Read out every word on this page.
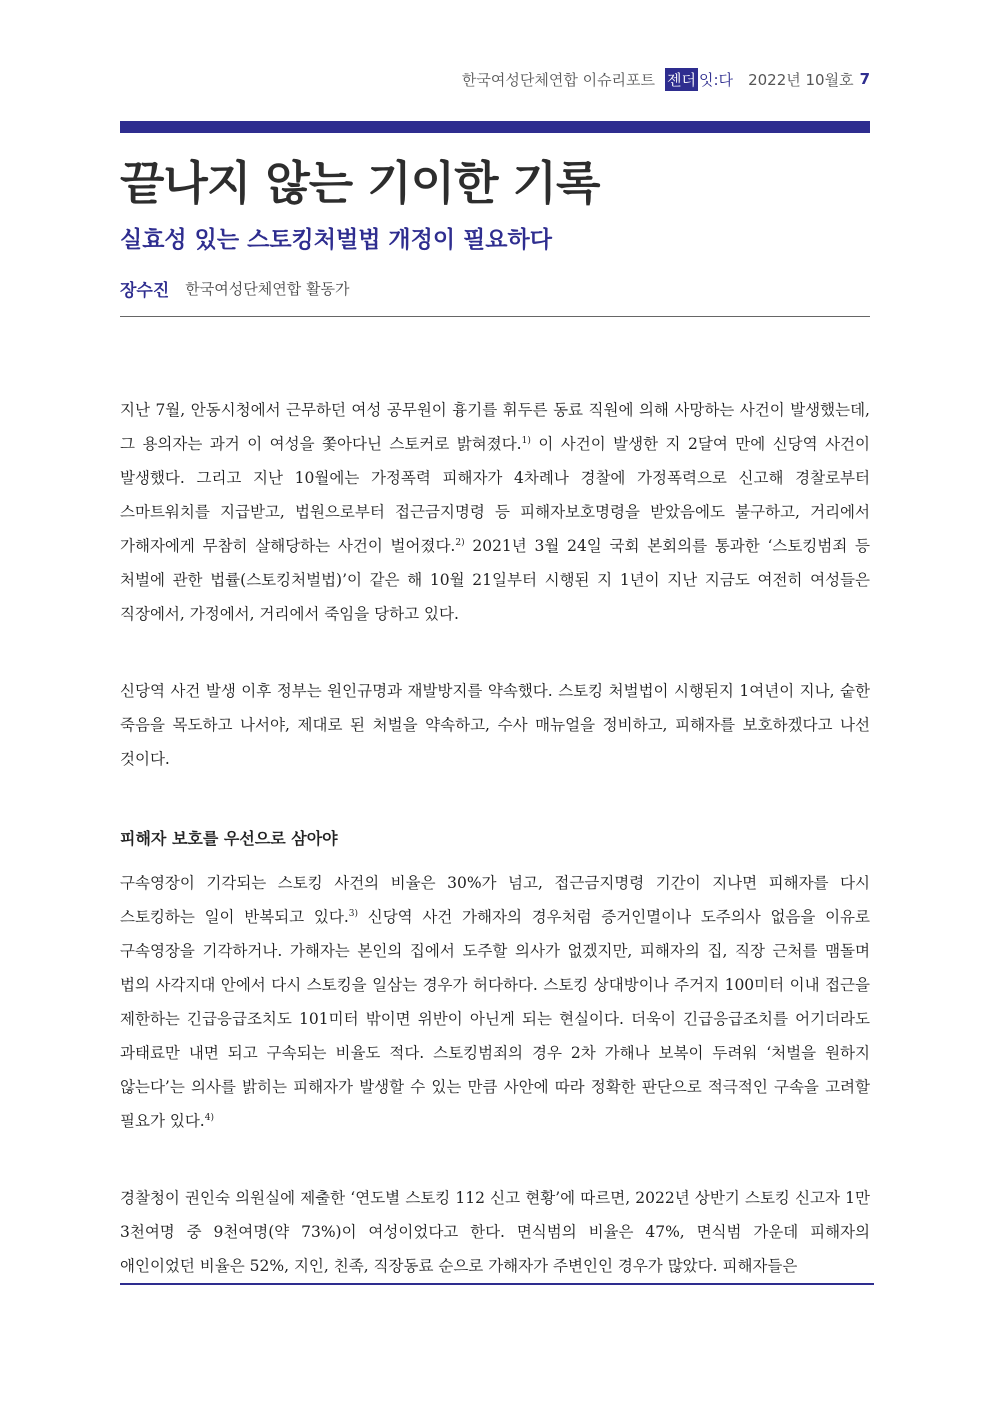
한국여성단체연합 이슈리포트 젠더 잇:다 2022년 10월호 7
끝나지 않는 기이한 기록
실효성 있는 스토킹처벌법 개정이 필요하다
장수진 한국여성단체연합 활동가

지난 7월, 안동시청에서 근무하던 여성 공무원이 흉기를 휘두른 동료 직원에 의해 사망하는 사건이 발생했는데, 그 용의자는 과거 이 여성을 쫓아다닌 스토커로 밝혀졌다.$^{1)}$ 이 사건이 발생한 지 2달여 만에 신당역 사건이 발생했다. 그리고 지난 10월에는 가정폭력 피해자가 4차례나 경찰에 가정폭력으로 신고해 경찰로부터 스마트워치를 지급받고, 법원으로부터 접근금지명령 등 피해자보호명령을 받았음에도 불구하고, 거리에서 가해자에게 무참히 살해당하는 사건이 벌어졌다.$^{2)}$ 2021년 3월 24일 국회 본회의를 통과한 ‘스토킹범죄 등 처벌에 관한 법률(스토킹처벌법)’이 같은 해 10월 21일부터 시행된 지 1년이 지난 지금도 여전히 여성들은 직장에서, 가정에서, 거리에서 죽임을 당하고 있다.

신당역 사건 발생 이후 정부는 원인규명과 재발방지를 약속했다. 스토킹 처벌법이 시행된지 1여년이 지나, 숱한 죽음을 목도하고 나서야, 제대로 된 처벌을 약속하고, 수사 매뉴얼을 정비하고, 피해자를 보호하겠다고 나선 것이다.

피해자 보호를 우선으로 삼아야

구속영장이 기각되는 스토킹 사건의 비율은 30%가 넘고, 접근금지명령 기간이 지나면 피해자를 다시 스토킹하는 일이 반복되고 있다.$^{3)}$ 신당역 사건 가해자의 경우처럼 증거인멸이나 도주의사 없음을 이유로 구속영장을 기각하거나. 가해자는 본인의 집에서 도주할 의사가 없겠지만, 피해자의 집, 직장 근처를 맴돌며 법의 사각지대 안에서 다시 스토킹을 일삼는 경우가 허다하다. 스토킹 상대방이나 주거지 100미터 이내 접근을 제한하는 긴급응급조치도 101미터 밖이면 위반이 아닌게 되는 현실이다. 더욱이 긴급응급조치를 어기더라도 과태료만 내면 되고 구속되는 비율도 적다. 스토킹범죄의 경우 2차 가해나 보복이 두려워 ‘처벌을 원하지 않는다’는 의사를 밝히는 피해자가 발생할 수 있는 만큼 사안에 따라 정확한 판단으로 적극적인 구속을 고려할 필요가 있다.$^{4)}$

경찰청이 권인숙 의원실에 제출한 ‘연도별 스토킹 112 신고 현황’에 따르면, 2022년 상반기 스토킹 신고자 1만 3천여명 중 9천여명(약 73%)이 여성이었다고 한다. 면식범의 비율은 47%, 면식범 가운데 피해자의 애인이었던 비율은 52%, 지인, 친족, 직장동료 순으로 가해자가 주변인인 경우가 많았다. 피해자들은
